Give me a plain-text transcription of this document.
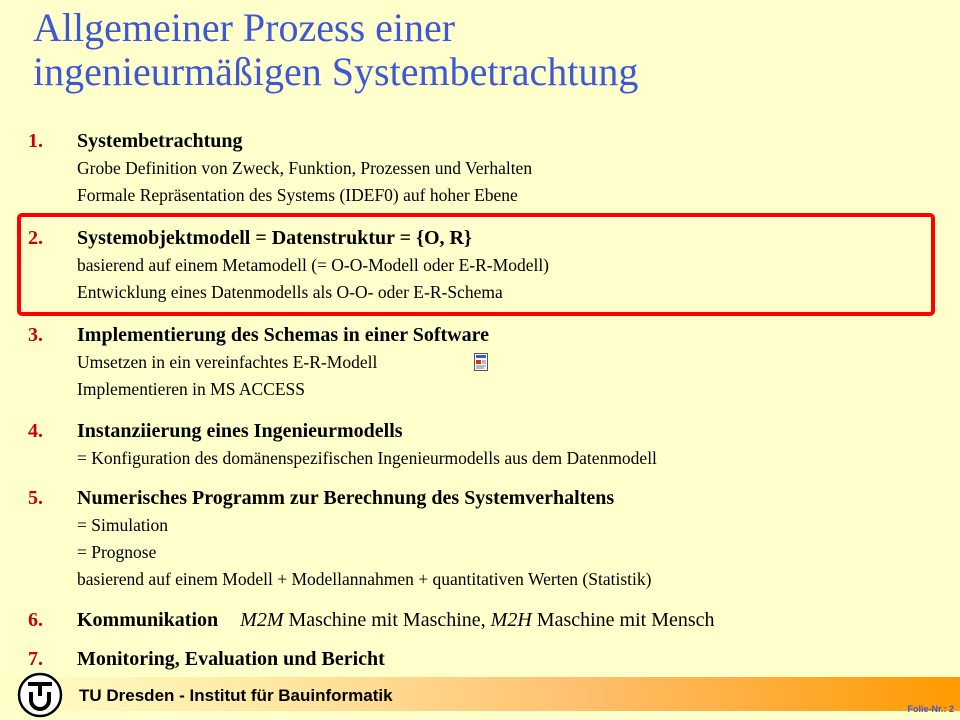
Allgemeiner Prozess einer
ingenieurmäßigen Systembetrachtung
1.	Systembetrachtung
Grobe Definition von Zweck, Funktion, Prozessen und Verhalten
Formale Repräsentation des Systems (IDEF0) auf hoher Ebene
2.	Systemobjektmodell = Datenstruktur = {O, R}
basierend auf einem Metamodell (= O-O-Modell oder E-R-Modell)
Entwicklung eines Datenmodells als O-O- oder E-R-Schema
3.	Implementierung des Schemas in einer Software
Umsetzen in ein vereinfachtes E-R-Modell
Implementieren in MS ACCESS
4.	Instanziierung eines Ingenieurmodells
= Konfiguration des domänenspezifischen Ingenieurmodells aus dem Datenmodell
5.	Numerisches Programm zur Berechnung des Systemverhaltens
= Simulation
= Prognose
basierend auf einem Modell + Modellannahmen + quantitativen Werten (Statistik)
6.	Kommunikation M2M Maschine mit Maschine, M2H Maschine mit Mensch
7.	Monitoring, Evaluation und Bericht
TU Dresden - Institut für Bauinformatik
Folie-Nr.: 2
